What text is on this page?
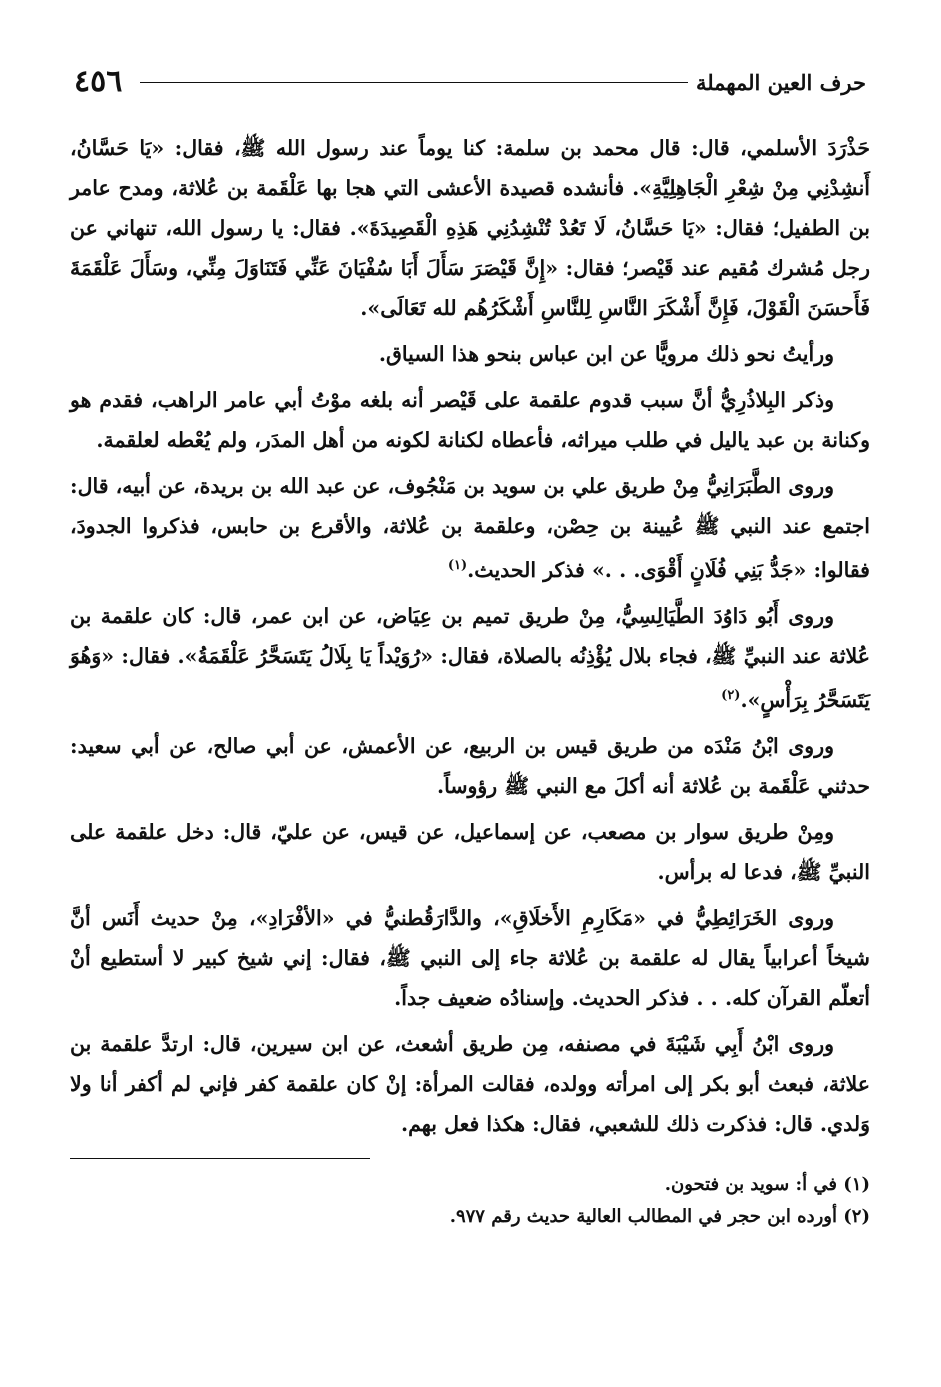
حرف العين المهملة
٤٥٦

حَذْرَدَ الأسلمي، قال: قال محمد بن سلمة: كنا يوماً عند رسول الله ﷺ، فقال: «يَا حَسَّانُ، أَنشِدْنِي مِنْ شِعْرِ الْجَاهِلِيَّةِ». فأنشده قصيدة الأعشى التي هجا بها عَلْقَمة بن عُلاثة، ومدح عامر بن الطفيل؛ فقال: «يَا حَسَّانُ، لَا تَعُدْ تُنْشِدُنِي هَذِهِ الْقَصِيدَةَ». فقال: يا رسول الله، تنهاني عن رجل مُشرك مُقيم عند قَيْصر؛ فقال: «إِنَّ قَيْصَرَ سَأَلَ أَبَا سُفْيَانَ عَنِّي فَتَنَاوَلَ مِنِّي، وسَأَلَ عَلْقَمَةَ فَأَحسَنَ الْقَوْلَ، فَإِنَّ أَشْكَرَ النَّاسِ لِلنَّاسِ أَشْكَرُهُم لله تَعَالَى».

ورأيتُ نحو ذلك مرويًّا عن ابن عباس بنحو هذا السياق.

وذكر البِلاذُرِيُّ أنَّ سبب قدوم علقمة على قَيْصر أنه بلغه موْتُ أبي عامر الراهب، فقدم هو وكنانة بن عبد ياليل في طلب ميراثه، فأعطاه لكنانة لكونه من أهل المدَر، ولم يُعْطه لعلقمة.

وروى الطَّبَرَانِيُّ مِنْ طريق علي بن سويد بن مَنْجُوف، عن عبد الله بن بريدة، عن أبيه، قال: اجتمع عند النبي ﷺ عُيينة بن حِصْن، وعلقمة بن عُلاثة، والأقرع بن حابس، فذكروا الجدودَ، فقالوا: «جَدُّ بَنِي فُلَانٍ أَقْوَى. . .» فذكر الحديث.$^{(١)}$

وروى أَبُو دَاوُدَ الطَّيَالِسِيُّ، مِنْ طريق تميم بن عِيَاض، عن ابن عمر، قال: كان علقمة بن عُلاثة عند النبيِّ ﷺ، فجاء بلال يُؤْذِنُه بالصلاة، فقال: «رُوَيْداً يَا بِلَالُ يَتَسَحَّرُ عَلْقَمَةُ». فقال: «وَهُوَ يَتَسَحَّرُ بِرَأْسٍ».$^{(٢)}$

وروى ابْنُ مَنْدَه من طريق قيس بن الربيع، عن الأعمش، عن أبي صالح، عن أبي سعيد: حدثني عَلْقَمة بن عُلاثة أنه أكلَ مع النبي ﷺ رؤوساً.

ومِنْ طريق سوار بن مصعب، عن إسماعيل، عن قيس، عن عليّ، قال: دخل علقمة على النبيِّ ﷺ، فدعا له برأس.

وروى الخَرَائِطِيُّ في «مَكَارِمِ الأَخلَاقِ»، والدَّارَقُطنيُّ في «الأفْرَادِ»، مِنْ حديث أَنَس أنَّ شيخاً أعرابياً يقال له علقمة بن عُلاثة جاء إلى النبي ﷺ، فقال: إني شيخ كبير لا أستطيع أنْ أتعلّم القرآن كله. . . فذكر الحديث. وإسنادُه ضعيف جداً.

وروى ابْنُ أَبِي شَيْبَةَ في مصنفه، مِن طريق أشعث، عن ابن سيرين، قال: ارتدَّ علقمة بن علاثة، فبعث أبو بكر إلى امرأته وولده، فقالت المرأة: إنْ كان علقمة كفر فإني لم أكفر أنا ولا وَلدي. قال: فذكرت ذلك للشعبي، فقال: هكذا فعل بهم.

(١) في أ: سويد بن فتحون.
(٢) أورده ابن حجر في المطالب العالية حديث رقم ٩٧٧.
